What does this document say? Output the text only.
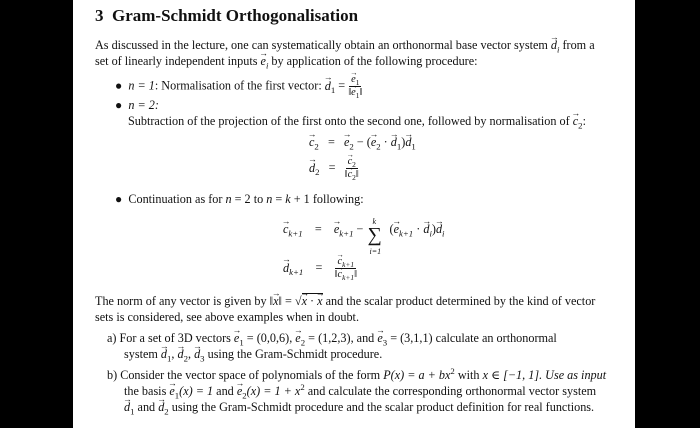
3 Gram-Schmidt Orthogonalisation
As discussed in the lecture, one can systematically obtain an orthonormal base vector system → $d_i$ from a
set of linearly independent inputs → $e_i$ by application of the following procedure:
● n = 1: Normalisation of the first vector: → $d_1$ = → $e_1$
‖ → $e_1$ ‖
● n = 2:
Subtraction of the projection of the first onto the second one, followed by normalisation of → $c_2$:
→ $c_2$   =   → $e_2$ − (→ $e_2$ · → $d_1)\to d_1$
→ $d_2$   = → $c_2$
‖ → $c_2$ ‖
● Continuation as for n = 2 to n = k + 1 following:
→ $c_{k+1}$    =    → $e_{k+1}$ −
k
∑
i=1
(→ $e_{k+1}$ · → $d_i)\to d_i$
→ $d_{k+1}$    = → $c_{k+1}$
‖ → $c_{k+1}$ ‖
The norm of any vector is given by ‖ → x ‖ = √→ x · → x and the scalar product determined by the kind of vector
sets is considered, see above examples when in doubt.
a) For a set of 3D vectors → $e_1 = (0,0,6)$, → $e_2 = (1,2,3)$, and → $e_3 = (3,1,1)$ calculate an orthonormal
system → $d_1$, → $d_2$, → $d_3$ using the Gram-Schmidt procedure.
b) Consider the vector space of polynomials of the form $P(x) = a + bx^2$ with x ∈ [−1, 1]. Use as input
the basis → $e_1(x) = 1$ and → $e_2(x) = 1 + x^2$ and calculate the corresponding orthonormal vector system
→ $d_1$ and → $d_2$ using the Gram-Schmidt procedure and the scalar product definition for real functions.
